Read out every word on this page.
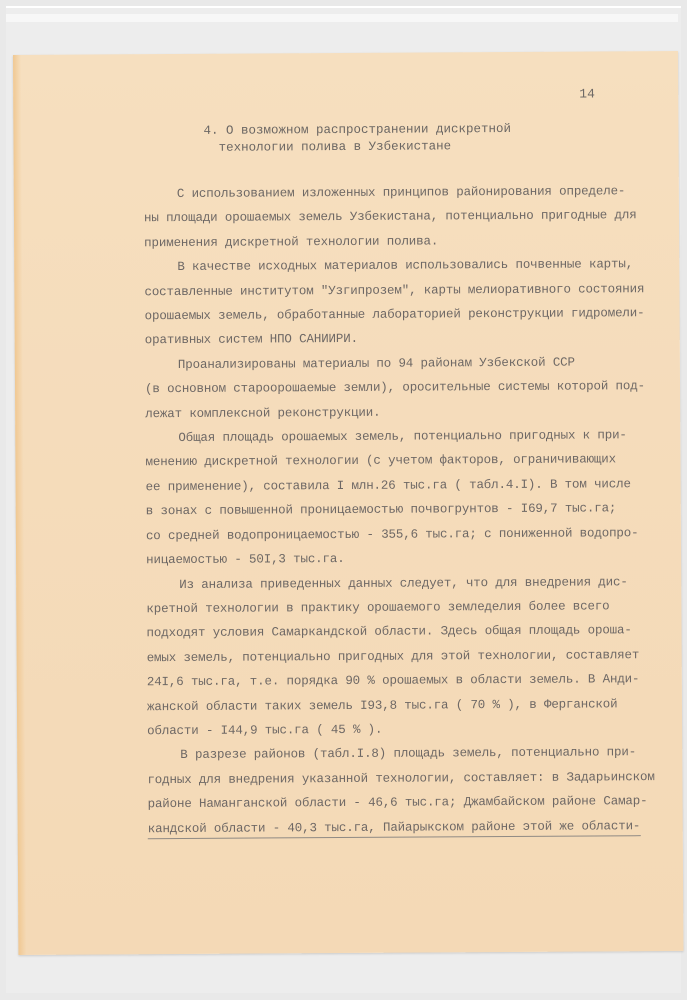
14
4. О возможном распространении дискретной
технологии полива в Узбекистане
С использованием изложенных принципов районирования определе-
ны площади орошаемых земель Узбекистана, потенциально пригодные для
применения дискретной технологии полива.
В качестве исходных материалов использовались почвенные карты,
составленные институтом "Узгипрозем", карты мелиоративного состояния
орошаемых земель, обработанные лабораторией реконструкции гидромели-
оративных систем НПО САНИИРИ.
Проанализированы материалы по 94 районам Узбекской ССР
(в основном староорошаемые земли), оросительные системы которой под-
лежат комплексной реконструкции.
Общая площадь орошаемых земель, потенциально пригодных к при-
менению дискретной технологии (с учетом факторов, ограничивающих
ее применение), составила I млн.26 тыс.га ( табл.4.I). В том числе
в зонах с повышенной проницаемостью почвогрунтов - I69,7 тыс.га;
со средней водопроницаемостью - 355,6 тыс.га; с пониженной водопро-
ницаемостью - 50I,3 тыс.га.
Из анализа приведенных данных следует, что для внедрения дис-
кретной технологии в практику орошаемого земледелия более всего
подходят условия Самаркандской области. Здесь общая площадь ороша-
емых земель, потенциально пригодных для этой технологии, составляет
24I,6 тыс.га, т.е. порядка 90 % орошаемых в области земель. В Анди-
жанской области таких земель I93,8 тыс.га ( 70 % ), в Ферганской
области - I44,9 тыс.га ( 45 % ).
В разрезе районов (табл.I.8) площадь земель, потенциально при-
годных для внедрения указанной технологии, составляет: в Задарьинском
районе Наманганской области - 46,6 тыс.га; Джамбайском районе Самар-
кандской области - 40,3 тыс.га, Пайарыкском районе этой же области-
